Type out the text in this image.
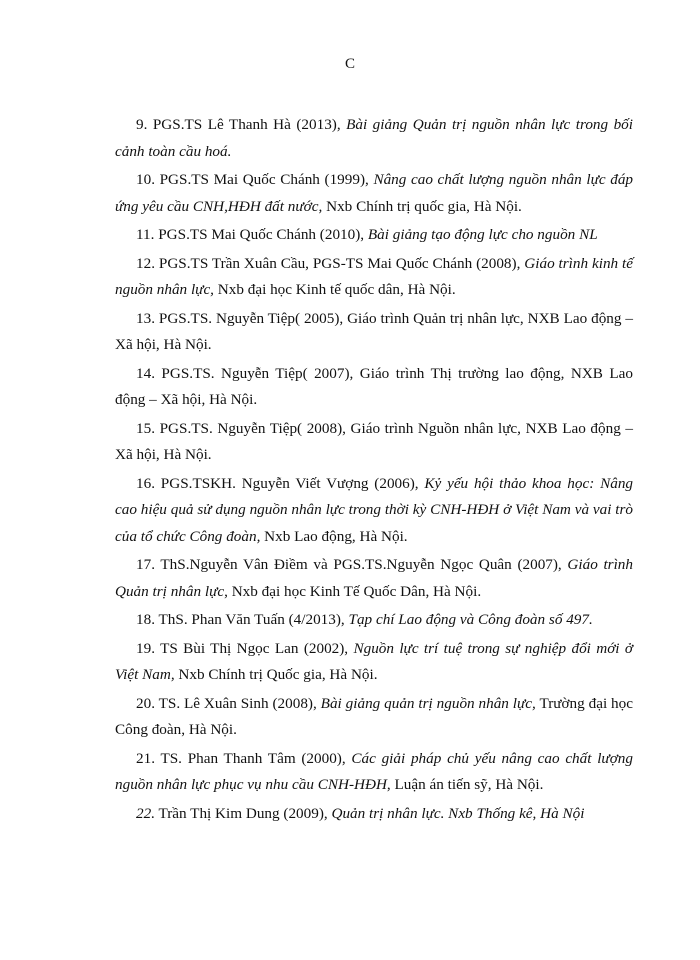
C
9. PGS.TS Lê Thanh Hà (2013), Bài giảng Quản trị nguồn nhân lực trong bối cảnh toàn cầu hoá.
10. PGS.TS Mai Quốc Chánh (1999), Nâng cao chất lượng nguồn nhân lực đáp ứng yêu cầu CNH,HĐH đất nước, Nxb Chính trị quốc gia, Hà Nội.
11. PGS.TS Mai Quốc Chánh (2010), Bài giảng tạo động lực cho nguồn NL
12. PGS.TS Trần Xuân Cầu, PGS-TS Mai Quốc Chánh (2008), Giáo trình kinh tế nguồn nhân lực, Nxb đại học Kinh tế quốc dân, Hà Nội.
13. PGS.TS. Nguyễn Tiệp( 2005), Giáo trình Quản trị nhân lực, NXB Lao động – Xã hội, Hà Nội.
14. PGS.TS. Nguyễn Tiệp( 2007), Giáo trình Thị trường lao động, NXB Lao động – Xã hội, Hà Nội.
15. PGS.TS. Nguyễn Tiệp( 2008), Giáo trình Nguồn nhân lực, NXB Lao động – Xã hội, Hà Nội.
16. PGS.TSKH. Nguyễn Viết Vượng (2006), Kỷ yếu hội thảo khoa học: Nâng cao hiệu quả sử dụng nguồn nhân lực trong thời kỳ CNH-HĐH ở Việt Nam và vai trò của tổ chức Công đoàn, Nxb Lao động, Hà Nội.
17. ThS.Nguyễn Vân Điềm và PGS.TS.Nguyễn Ngọc Quân (2007), Giáo trình Quản trị nhân lực, Nxb đại học Kinh Tế Quốc Dân, Hà Nội.
18. ThS. Phan Văn Tuấn (4/2013), Tạp chí Lao động và Công đoàn số 497.
19. TS Bùi Thị Ngọc Lan (2002), Nguồn lực trí tuệ trong sự nghiệp đổi mới ở Việt Nam, Nxb Chính trị Quốc gia, Hà Nội.
20. TS. Lê Xuân Sinh (2008), Bài giảng quản trị nguồn nhân lực, Trường đại học Công đoàn, Hà Nội.
21. TS. Phan Thanh Tâm (2000), Các giải pháp chủ yếu nâng cao chất lượng nguồn nhân lực phục vụ nhu cầu CNH-HĐH, Luận án tiến sỹ, Hà Nội.
22. Trần Thị Kim Dung (2009), Quản trị nhân lực. Nxb Thống kê, Hà Nội
